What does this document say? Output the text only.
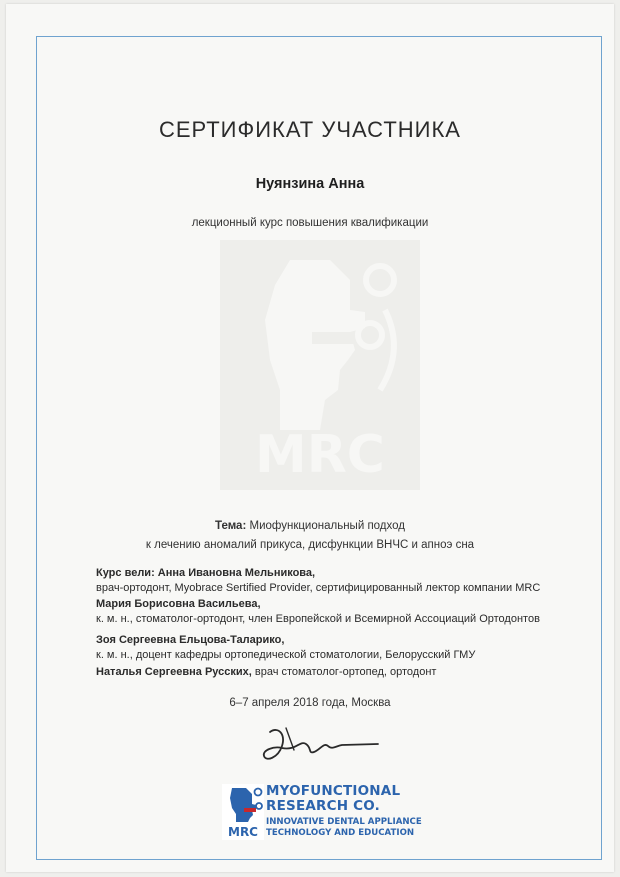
СЕРТИФИКАТ УЧАСТНИКА
Нуянзина Анна
лекционный курс повышения квалификации
MRC
Тема: Миофункциональный подход
к лечению аномалий прикуса, дисфункции ВНЧС и апноэ сна
Курс вели: Анна Ивановна Мельникова,
врач-ортодонт, Myobrace Sertified Provider, сертифицированный лектор компании MRC
Мария Борисовна Васильева,
к. м. н., стоматолог-ортодонт, член Европейской и Всемирной Ассоциаций Ортодонтов
Зоя Сергеевна Ельцова-Таларико,
к. м. н., доцент кафедры ортопедической стоматологии, Белорусский ГМУ
Наталья Сергеевна Русских, врач стоматолог-ортопед, ортодонт
6–7 апреля 2018 года, Москва
MRC
MYOFUNCTIONAL
RESEARCH CO.
INNOVATIVE DENTAL APPLIANCE
TECHNOLOGY AND EDUCATION
